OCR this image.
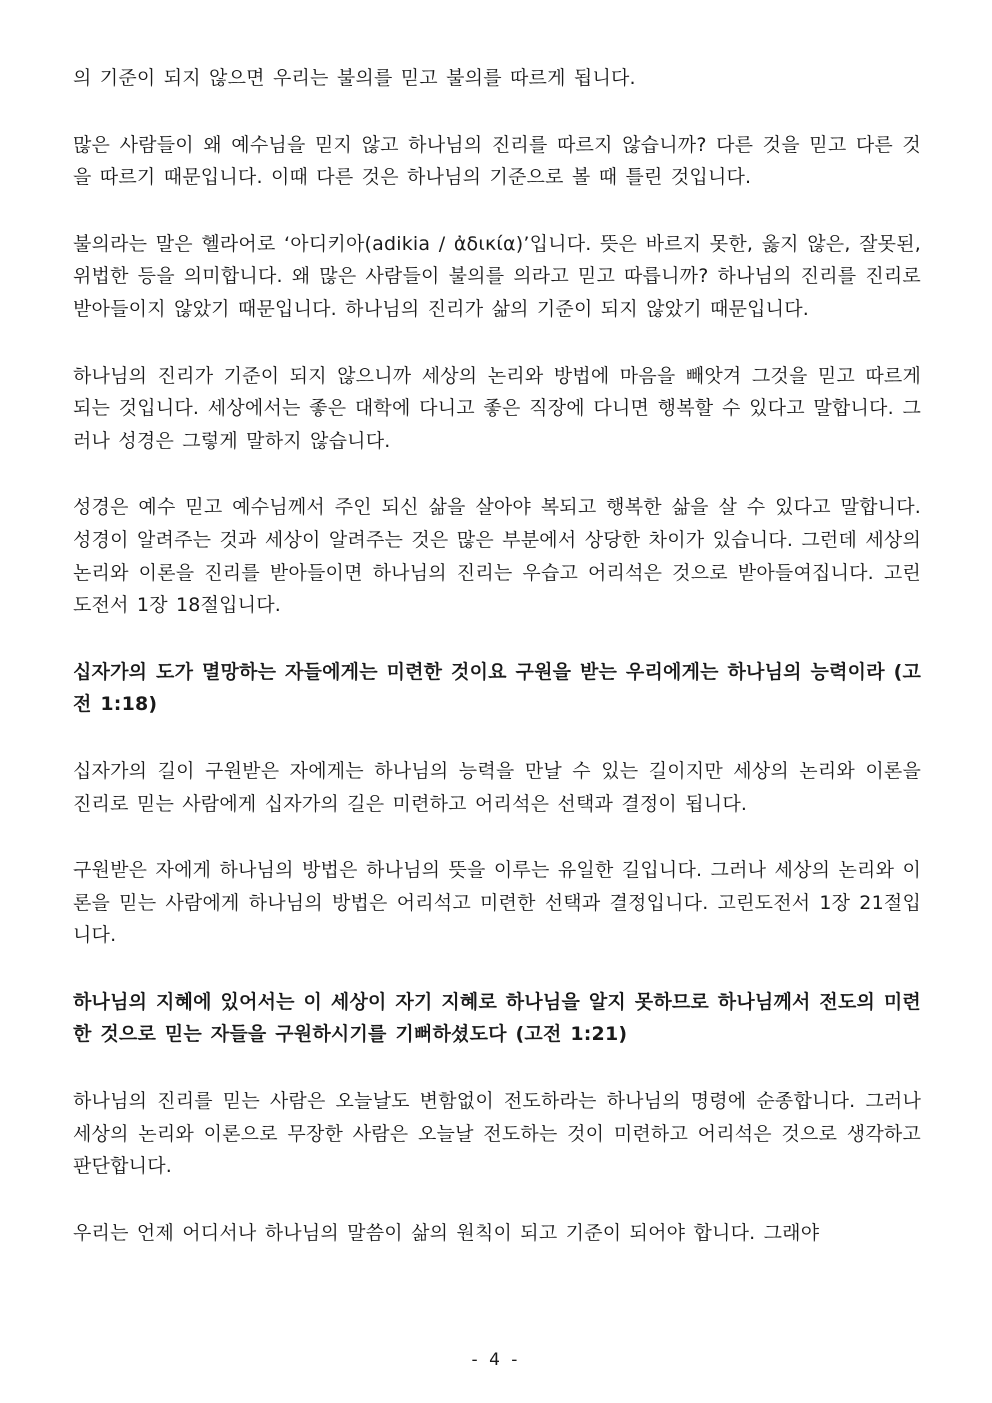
의 기준이 되지 않으면 우리는 불의를 믿고 불의를 따르게 됩니다.

많은 사람들이 왜 예수님을 믿지 않고 하나님의 진리를 따르지 않습니까? 다른 것을 믿고 다른 것을 따르기 때문입니다. 이때 다른 것은 하나님의 기준으로 볼 때 틀린 것입니다.

불의라는 말은 헬라어로 ‘아디키아(adikia / ἀδικία)’입니다. 뜻은 바르지 못한, 옳지 않은, 잘못된, 위법한 등을 의미합니다. 왜 많은 사람들이 불의를 의라고 믿고 따릅니까? 하나님의 진리를 진리로 받아들이지 않았기 때문입니다. 하나님의 진리가 삶의 기준이 되지 않았기 때문입니다.

하나님의 진리가 기준이 되지 않으니까 세상의 논리와 방법에 마음을 빼앗겨 그것을 믿고 따르게 되는 것입니다. 세상에서는 좋은 대학에 다니고 좋은 직장에 다니면 행복할 수 있다고 말합니다. 그러나 성경은 그렇게 말하지 않습니다.

성경은 예수 믿고 예수님께서 주인 되신 삶을 살아야 복되고 행복한 삶을 살 수 있다고 말합니다. 성경이 알려주는 것과 세상이 알려주는 것은 많은 부분에서 상당한 차이가 있습니다. 그런데 세상의 논리와 이론을 진리를 받아들이면 하나님의 진리는 우습고 어리석은 것으로 받아들여집니다. 고린도전서 1장 18절입니다.

십자가의 도가 멸망하는 자들에게는 미련한 것이요 구원을 받는 우리에게는 하나님의 능력이라 (고전 1:18)

십자가의 길이 구원받은 자에게는 하나님의 능력을 만날 수 있는 길이지만 세상의 논리와 이론을 진리로 믿는 사람에게 십자가의 길은 미련하고 어리석은 선택과 결정이 됩니다.

구원받은 자에게 하나님의 방법은 하나님의 뜻을 이루는 유일한 길입니다. 그러나 세상의 논리와 이론을 믿는 사람에게 하나님의 방법은 어리석고 미련한 선택과 결정입니다. 고린도전서 1장 21절입니다.

하나님의 지혜에 있어서는 이 세상이 자기 지혜로 하나님을 알지 못하므로 하나님께서 전도의 미련한 것으로 믿는 자들을 구원하시기를 기뻐하셨도다 (고전 1:21)

하나님의 진리를 믿는 사람은 오늘날도 변함없이 전도하라는 하나님의 명령에 순종합니다. 그러나 세상의 논리와 이론으로 무장한 사람은 오늘날 전도하는 것이 미련하고 어리석은 것으로 생각하고 판단합니다.

우리는 언제 어디서나 하나님의 말씀이 삶의 원칙이 되고 기준이 되어야 합니다. 그래야

- 4 -
